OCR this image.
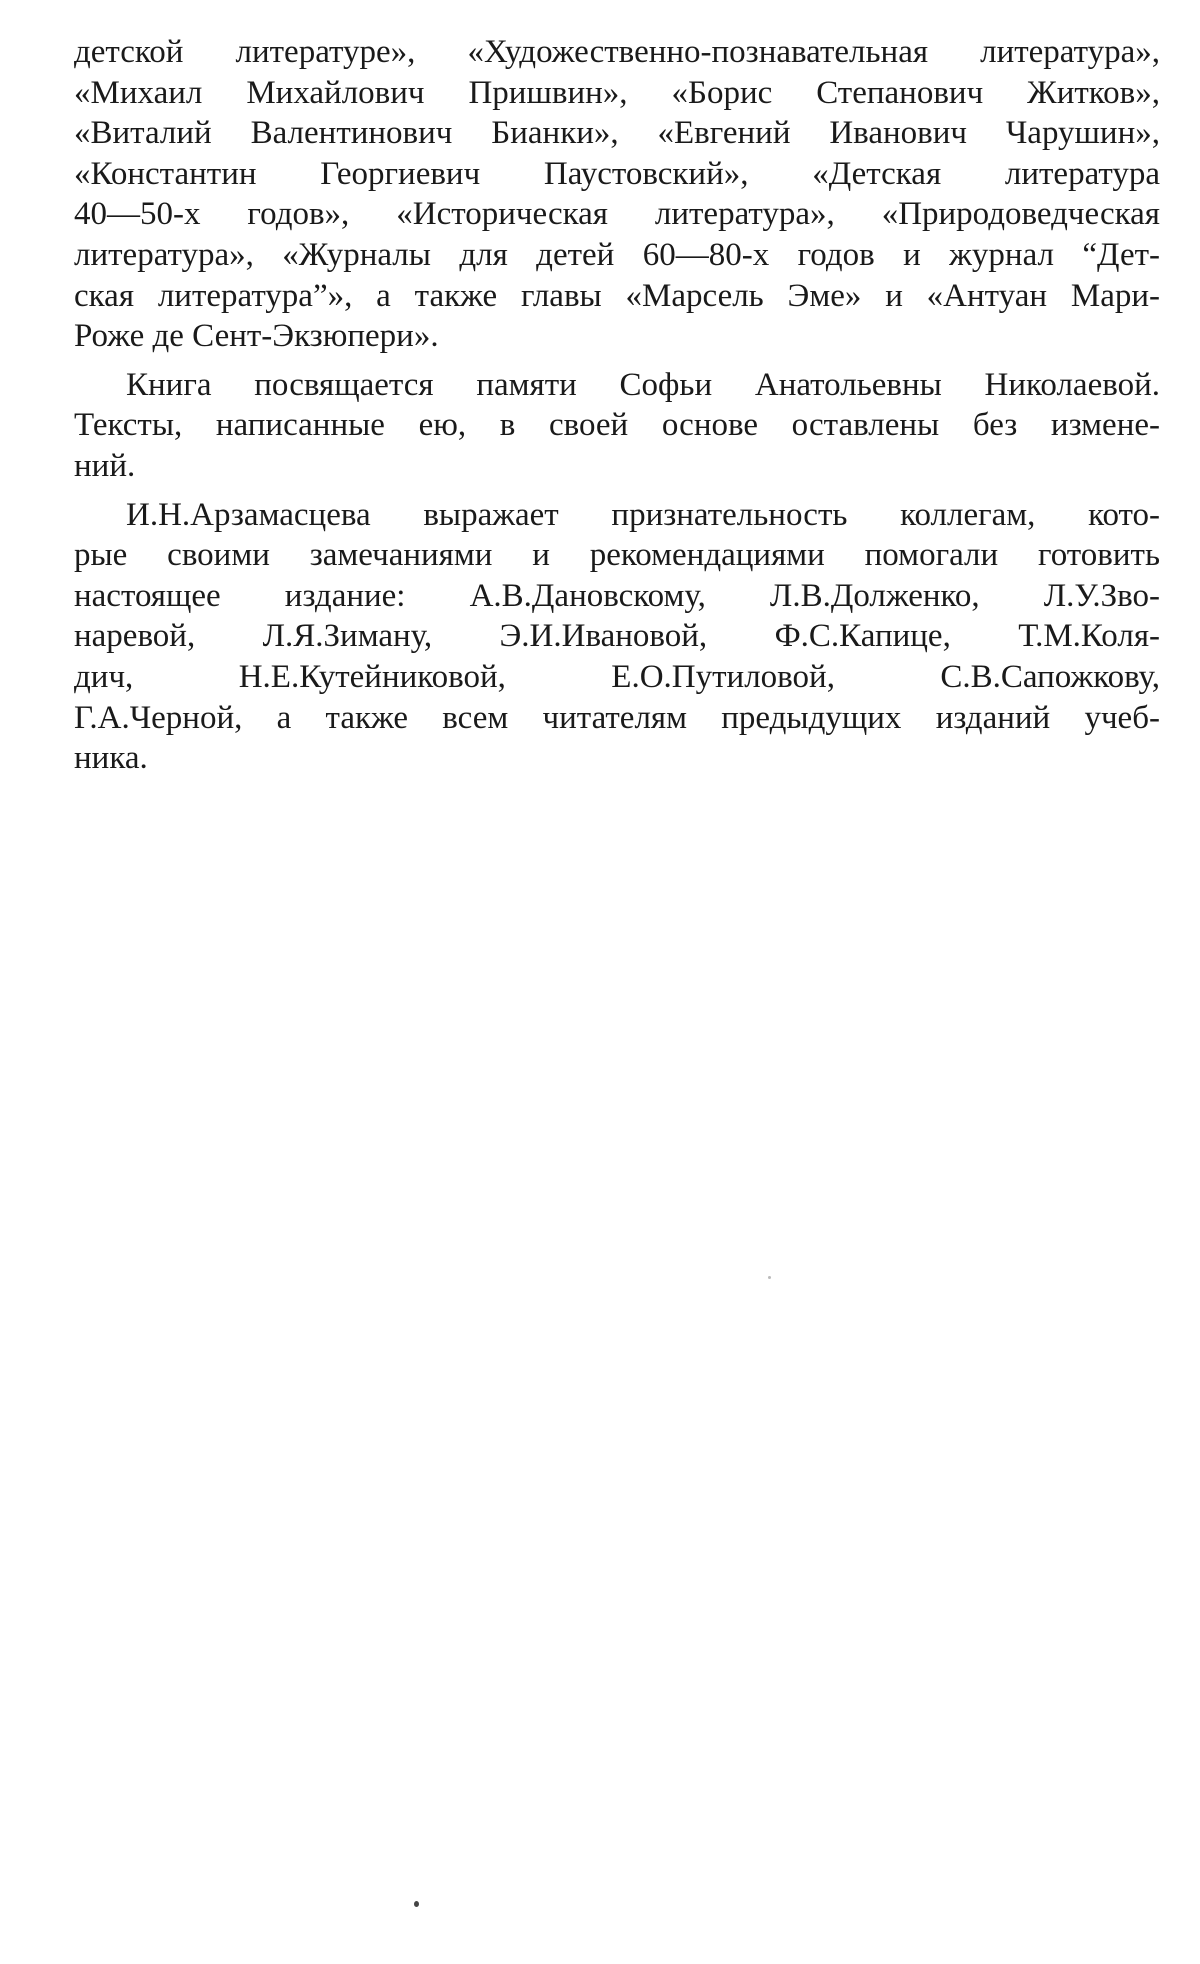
детской литературе», «Художественно-познавательная литература»,
«Михаил Михайлович Пришвин», «Борис Степанович Житков»,
«Виталий Валентинович Бианки», «Евгений Иванович Чарушин»,
«Константин Георгиевич Паустовский», «Детская литература
40—50-х годов», «Историческая литература», «Природоведческая
литература», «Журналы для детей 60—80-х годов и журнал “Дет-
ская литература”», а также главы «Марсель Эме» и «Антуан Мари-
Роже де Сент-Экзюпери».
Книга посвящается памяти Софьи Анатольевны Николаевой.
Тексты, написанные ею, в своей основе оставлены без измене-
ний.
И.Н.Арзамасцева выражает признательность коллегам, кото-
рые своими замечаниями и рекомендациями помогали готовить
настоящее издание: А.В.Дановскому, Л.В.Долженко, Л.У.Зво-
наревой, Л.Я.Зиману, Э.И.Ивановой, Ф.С.Капице, Т.М.Коля-
дич, Н.Е.Кутейниковой, Е.О.Путиловой, С.В.Сапожкову,
Г.А.Черной, а также всем читателям предыдущих изданий учеб-
ника.
